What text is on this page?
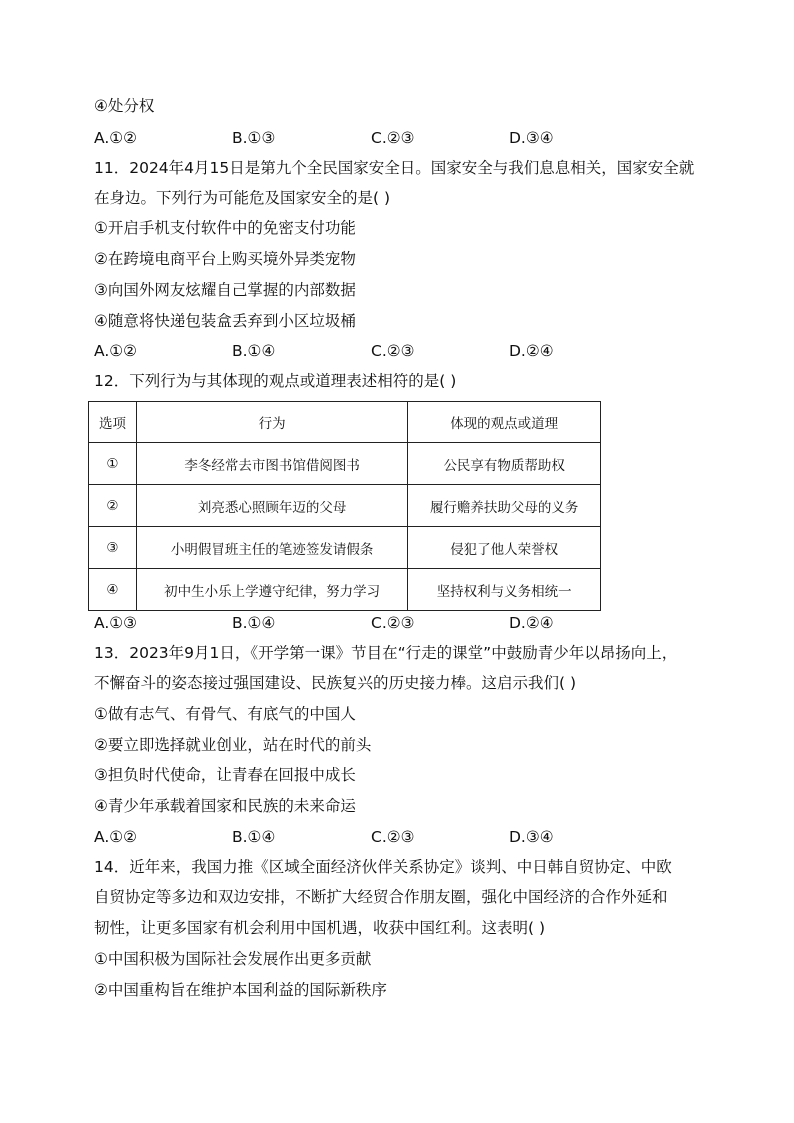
④处分权
A.①②	B.①③	C.②③	D.③④
11．2024年4月15日是第九个全民国家安全日。国家安全与我们息息相关，国家安全就
在身边。下列行为可能危及国家安全的是( )
①开启手机支付软件中的免密支付功能
②在跨境电商平台上购买境外异类宠物
③向国外网友炫耀自己掌握的内部数据
④随意将快递包装盒丢弃到小区垃圾桶
A.①②	B.①④	C.②③	D.②④
12．下列行为与其体现的观点或道理表述相符的是( )
选项	行为	体现的观点或道理
①	李冬经常去市图书馆借阅图书	公民享有物质帮助权
②	刘亮悉心照顾年迈的父母	履行赡养扶助父母的义务
③	小明假冒班主任的笔迹签发请假条	侵犯了他人荣誉权
④	初中生小乐上学遵守纪律，努力学习	坚持权利与义务相统一
A.①③	B.①④	C.②③	D.②④
13．2023年9月1日，《开学第一课》节目在“行走的课堂”中鼓励青少年以昂扬向上，
不懈奋斗的姿态接过强国建设、民族复兴的历史接力棒。这启示我们( )
①做有志气、有骨气、有底气的中国人
②要立即选择就业创业，站在时代的前头
③担负时代使命，让青春在回报中成长
④青少年承载着国家和民族的未来命运
A.①②	B.①④	C.②③	D.③④
14．近年来，我国力推《区域全面经济伙伴关系协定》谈判、中日韩自贸协定、中欧
自贸协定等多边和双边安排，不断扩大经贸合作朋友圈，强化中国经济的合作外延和
韧性，让更多国家有机会利用中国机遇，收获中国红利。这表明( )
①中国积极为国际社会发展作出更多贡献
②中国重构旨在维护本国利益的国际新秩序
